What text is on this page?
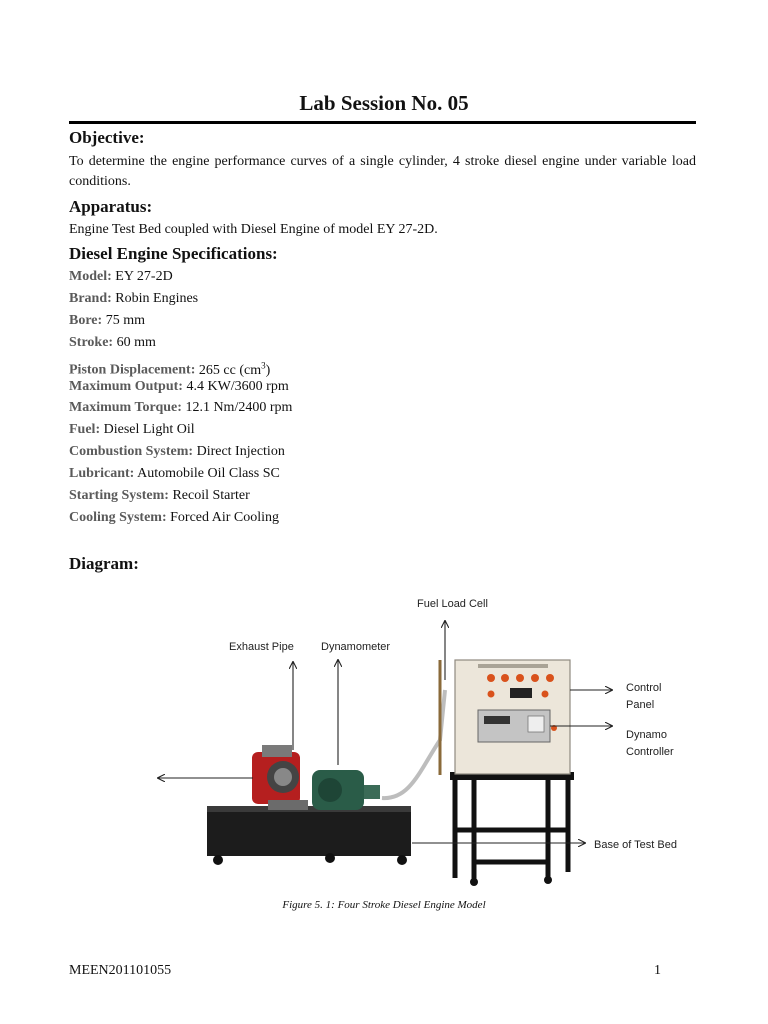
Lab Session No. 05
Objective:
To determine the engine performance curves of a single cylinder, 4 stroke diesel engine under variable load conditions.
Apparatus:
Engine Test Bed coupled with Diesel Engine of model EY 27-2D.
Diesel Engine Specifications:
Model: EY 27-2D
Brand: Robin Engines
Bore: 75 mm
Stroke: 60 mm
Piston Displacement: 265 cc $(cm^3)$
Maximum Output: 4.4 KW/3600 rpm
Maximum Torque: 12.1 Nm/2400 rpm
Fuel: Diesel Light Oil
Combustion System: Direct Injection
Lubricant: Automobile Oil Class SC
Starting System: Recoil Starter
Cooling System: Forced Air Cooling
Diagram:
Fuel Load Cell
Exhaust Pipe Dynamometer
Control
Panel
Dynamo
Controller
Base of Test Bed
Figure 5. 1: Four Stroke Diesel Engine Model
MEEN201101055	1
